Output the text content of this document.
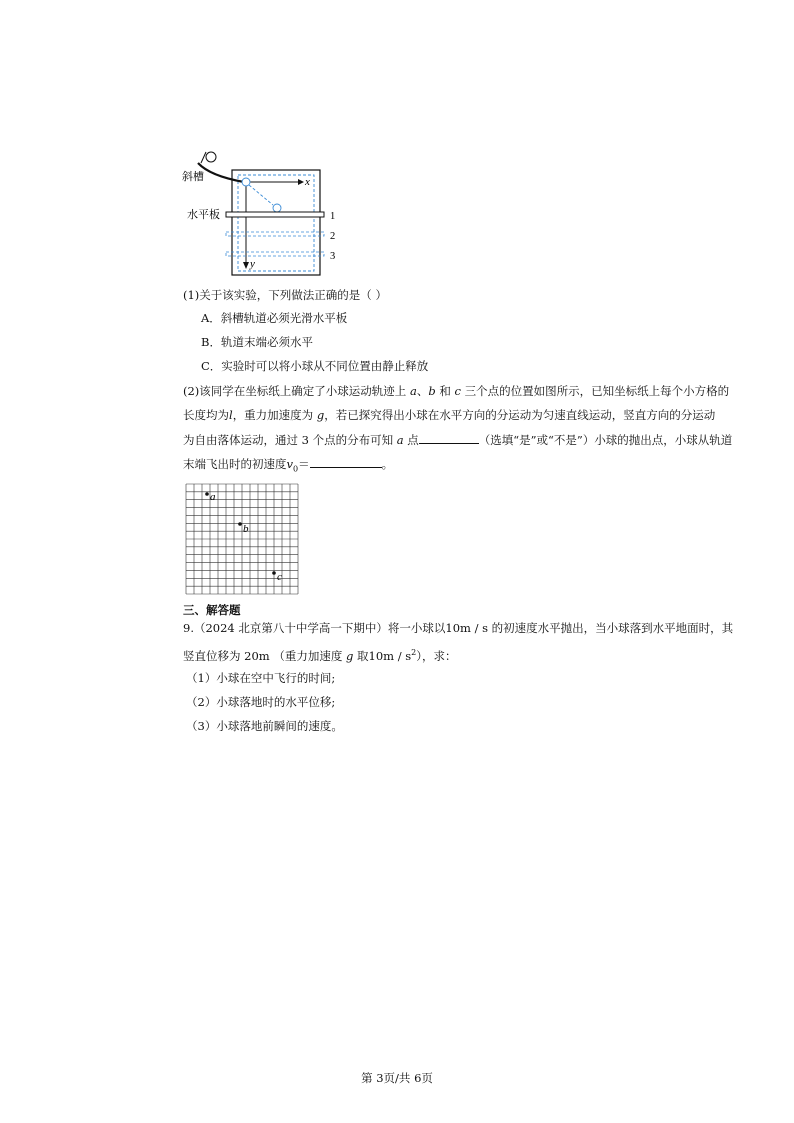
x
y
斜槽
水平板	1
2
3
(1)关于该实验，下列做法正确的是（ ）
A．斜槽轨道必须光滑水平板
B．轨道末端必须水平
C．实验时可以将小球从不同位置由静止释放
(2)该同学在坐标纸上确定了小球运动轨迹上 a、b 和 c 三个点的位置如图所示，已知坐标纸上每个小方格的
长度均为l，重力加速度为 g，若已探究得出小球在水平方向的分运动为匀速直线运动，竖直方向的分运动
为自由落体运动，通过 3 个点的分布可知 a 点	（选填“是”或“不是”）小球的抛出点，小球从轨道
末端飞出时的初速度$v_0=$	。
a
b
c
三、解答题
9.（2024 北京第八十中学高一下期中）将一小球以10m / s 的初速度水平抛出，当小球落到水平地面时，其
竖直位移为 20m （重力加速度 g 取$10m / s^2$），求：
（1）小球在空中飞行的时间;
（2）小球落地时的水平位移;
（3）小球落地前瞬间的速度。
第 3页/共 6页
